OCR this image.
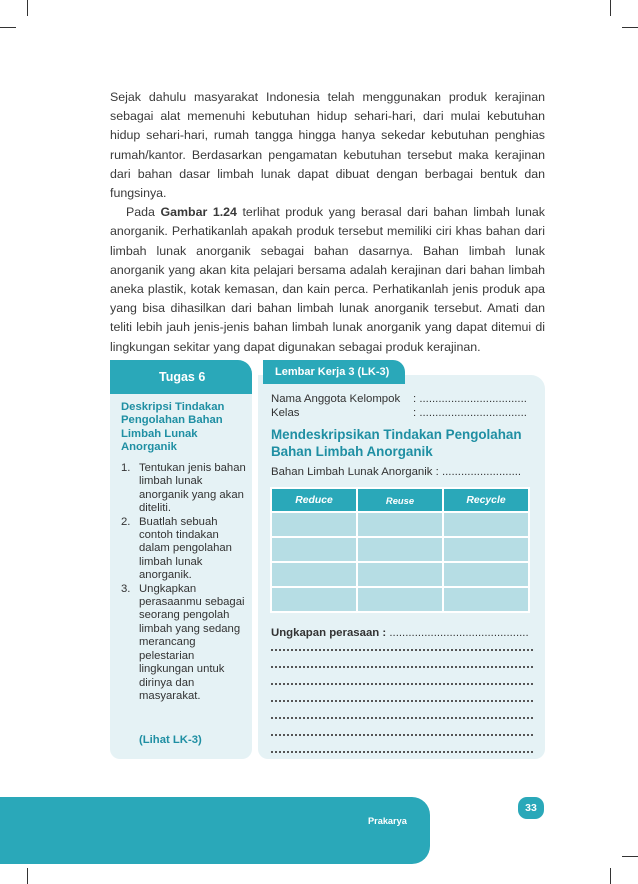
Sejak dahulu masyarakat Indonesia telah menggunakan produk kerajinan sebagai alat memenuhi kebutuhan hidup sehari-hari, dari mulai kebutuhan hidup sehari-hari, rumah tangga hingga hanya sekedar kebutuhan penghias rumah/kantor. Berdasarkan pengamatan kebutuhan tersebut maka kerajinan dari bahan dasar limbah lunak dapat dibuat dengan berbagai bentuk dan fungsinya.

Pada Gambar 1.24 terlihat produk yang berasal dari bahan limbah lunak anorganik. Perhatikanlah apakah produk tersebut memiliki ciri khas bahan dari limbah lunak anorganik sebagai bahan dasarnya. Bahan limbah lunak anorganik yang akan kita pelajari bersama adalah kerajinan dari bahan limbah aneka plastik, kotak kemasan, dan kain perca. Perhatikanlah jenis produk apa yang bisa dihasilkan dari bahan limbah lunak anorganik tersebut. Amati dan teliti lebih jauh jenis-jenis bahan limbah lunak anorganik yang dapat ditemui di lingkungan sekitar yang dapat digunakan sebagai produk kerajinan.

Tugas 6
Deskripsi Tindakan Pengolahan Bahan Limbah Lunak Anorganik
1. Tentukan jenis bahan limbah lunak anorganik yang akan diteliti.
2. Buatlah sebuah contoh tindakan dalam pengolahan limbah lunak anorganik.
3. Ungkapkan perasaanmu sebagai seorang pengolah limbah yang sedang merancang pelestarian lingkungan untuk dirinya dan masyarakat.
(Lihat LK-3)
Lembar Kerja 3 (LK-3)
Nama Anggota Kelompok : ..................................
Kelas	: ..................................
Mendeskripsikan Tindakan Pengolahan Bahan Limbah Anorganik
Bahan Limbah Lunak Anorganik : .........................
Reduce	Reuse	Recycle

Ungkapan perasaan : ............................................
Prakarya
33
